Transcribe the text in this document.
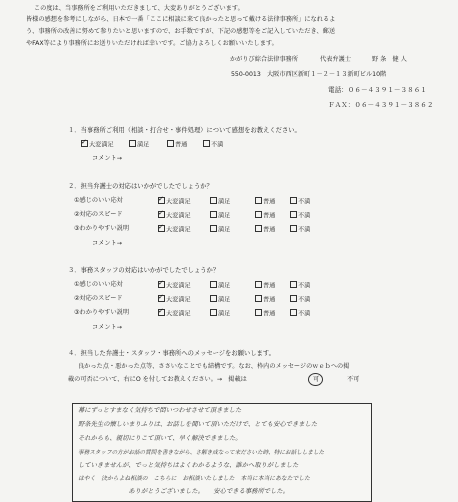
この度は、当事務所をご利用いただきまして、大変ありがとうございます。
皆様の感想を参考にしながら、日本で一番「ここに相談に来て良かったと思って戴ける法律事務所」になれるよ
う、事務所の改善に努めて参りたいと思いますので、お手数ですが、下記の感想等をご記入していただき、郵送
やFAX等により事務所にお送りいただければ幸いです。ご協力よろしくお願いいたします。
かがりび綜合法律事務所	代表弁護士	野 条　健 人
550-0013　大阪市西区新町１－２－１３新町ビル10階
電話：０６－４３９１－３８６１
ＦＡＸ：０６－４３９１－３８６２
１．当事務所ご利用（相談・打合せ・事件処理）について感想をお教えください。
✓大変満足	満足	普通	不満
コメント→
２．担当弁護士の対応はいかがでしたでしょうか？
①感じのいい応対 ✓	大変満足	満足	普通	不満
②対応のスピード ✓	大変満足	満足	普通	不満
③わかりやすい説明 ✓	大変満足	満足	普通	不満
コメント→
３．事務スタッフの対応はいかがでしたでしょうか？
①感じのいい応対 ✓	大変満足	満足	普通	不満
②対応のスピード ✓	大変満足	満足	普通	不満
③わかりやすい説明 ✓	大変満足	満足	普通	不満
コメント→
４．担当した弁護士・スタッフ・事務所へのメッセージをお願いします。
良かった点・悪かった点等、ささいなことでも結構です。なお、枠内のメッセージのｗｅｂへの掲
載の可否について、右にO を付してお教えください。→　掲載は	可	不可
幕にずっとすまなく気持ちで悶いつわせさせて頂きました
野条先生の懐しいまりふりは、お話しを聞いて頂いただけで、とても安心できました
それからも、親切にりこて頂いて、早く解決できました。
事務スタッフの方がお話の質問を書きながら、さ解き成なって来ださいた時、特にお話ししました
していきませんが、でっと気持ちはよくわかるような、誰かへ取りがしました
はやく　決からよね相談の　こちらに　お相談いたしました　本当に本当にあなたでした
　　　　　　　　ありがとうございました。　　安心できる事務所でした。
